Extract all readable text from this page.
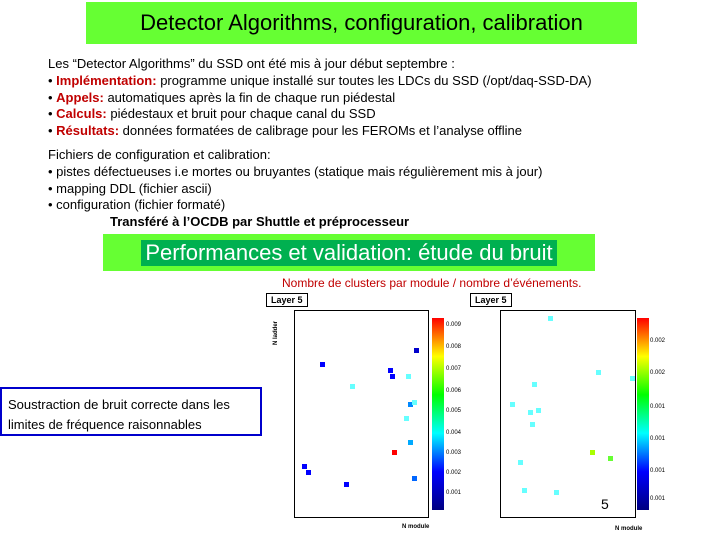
Detector Algorithms, configuration, calibration
Les “Detector Algorithms” du SSD ont été mis à jour début septembre :
• Implémentation: programme unique installé sur toutes les LDCs du SSD (/opt/daq-SSD-DA)
• Appels: automatiques après la fin de chaque run piédestal
• Calculs: piédestaux et bruit pour chaque canal du SSD
• Résultats: données formatées de calibrage pour les FEROMs et l’analyse offline
Fichiers de configuration et calibration:
• pistes défectueuses i.e mortes ou bruyantes (statique mais régulièrement mis à jour)
• mapping DDL (fichier ascii)
• configuration (fichier formaté)
Transféré à l’OCDB par Shuttle et préprocesseur
Performances et validation: étude du bruit
Nombre de clusters par module / nombre d’événements.
Layer 5
N ladder	0.009
0.008
0.007
0.006
0.005
0.004
0.003
0.002
0.001
N module
Layer 5
0.002
0.002
0.001
0.001
0.001
0.001
N module
Soustraction de bruit correcte dans les limites de fréquence raisonnables
5
